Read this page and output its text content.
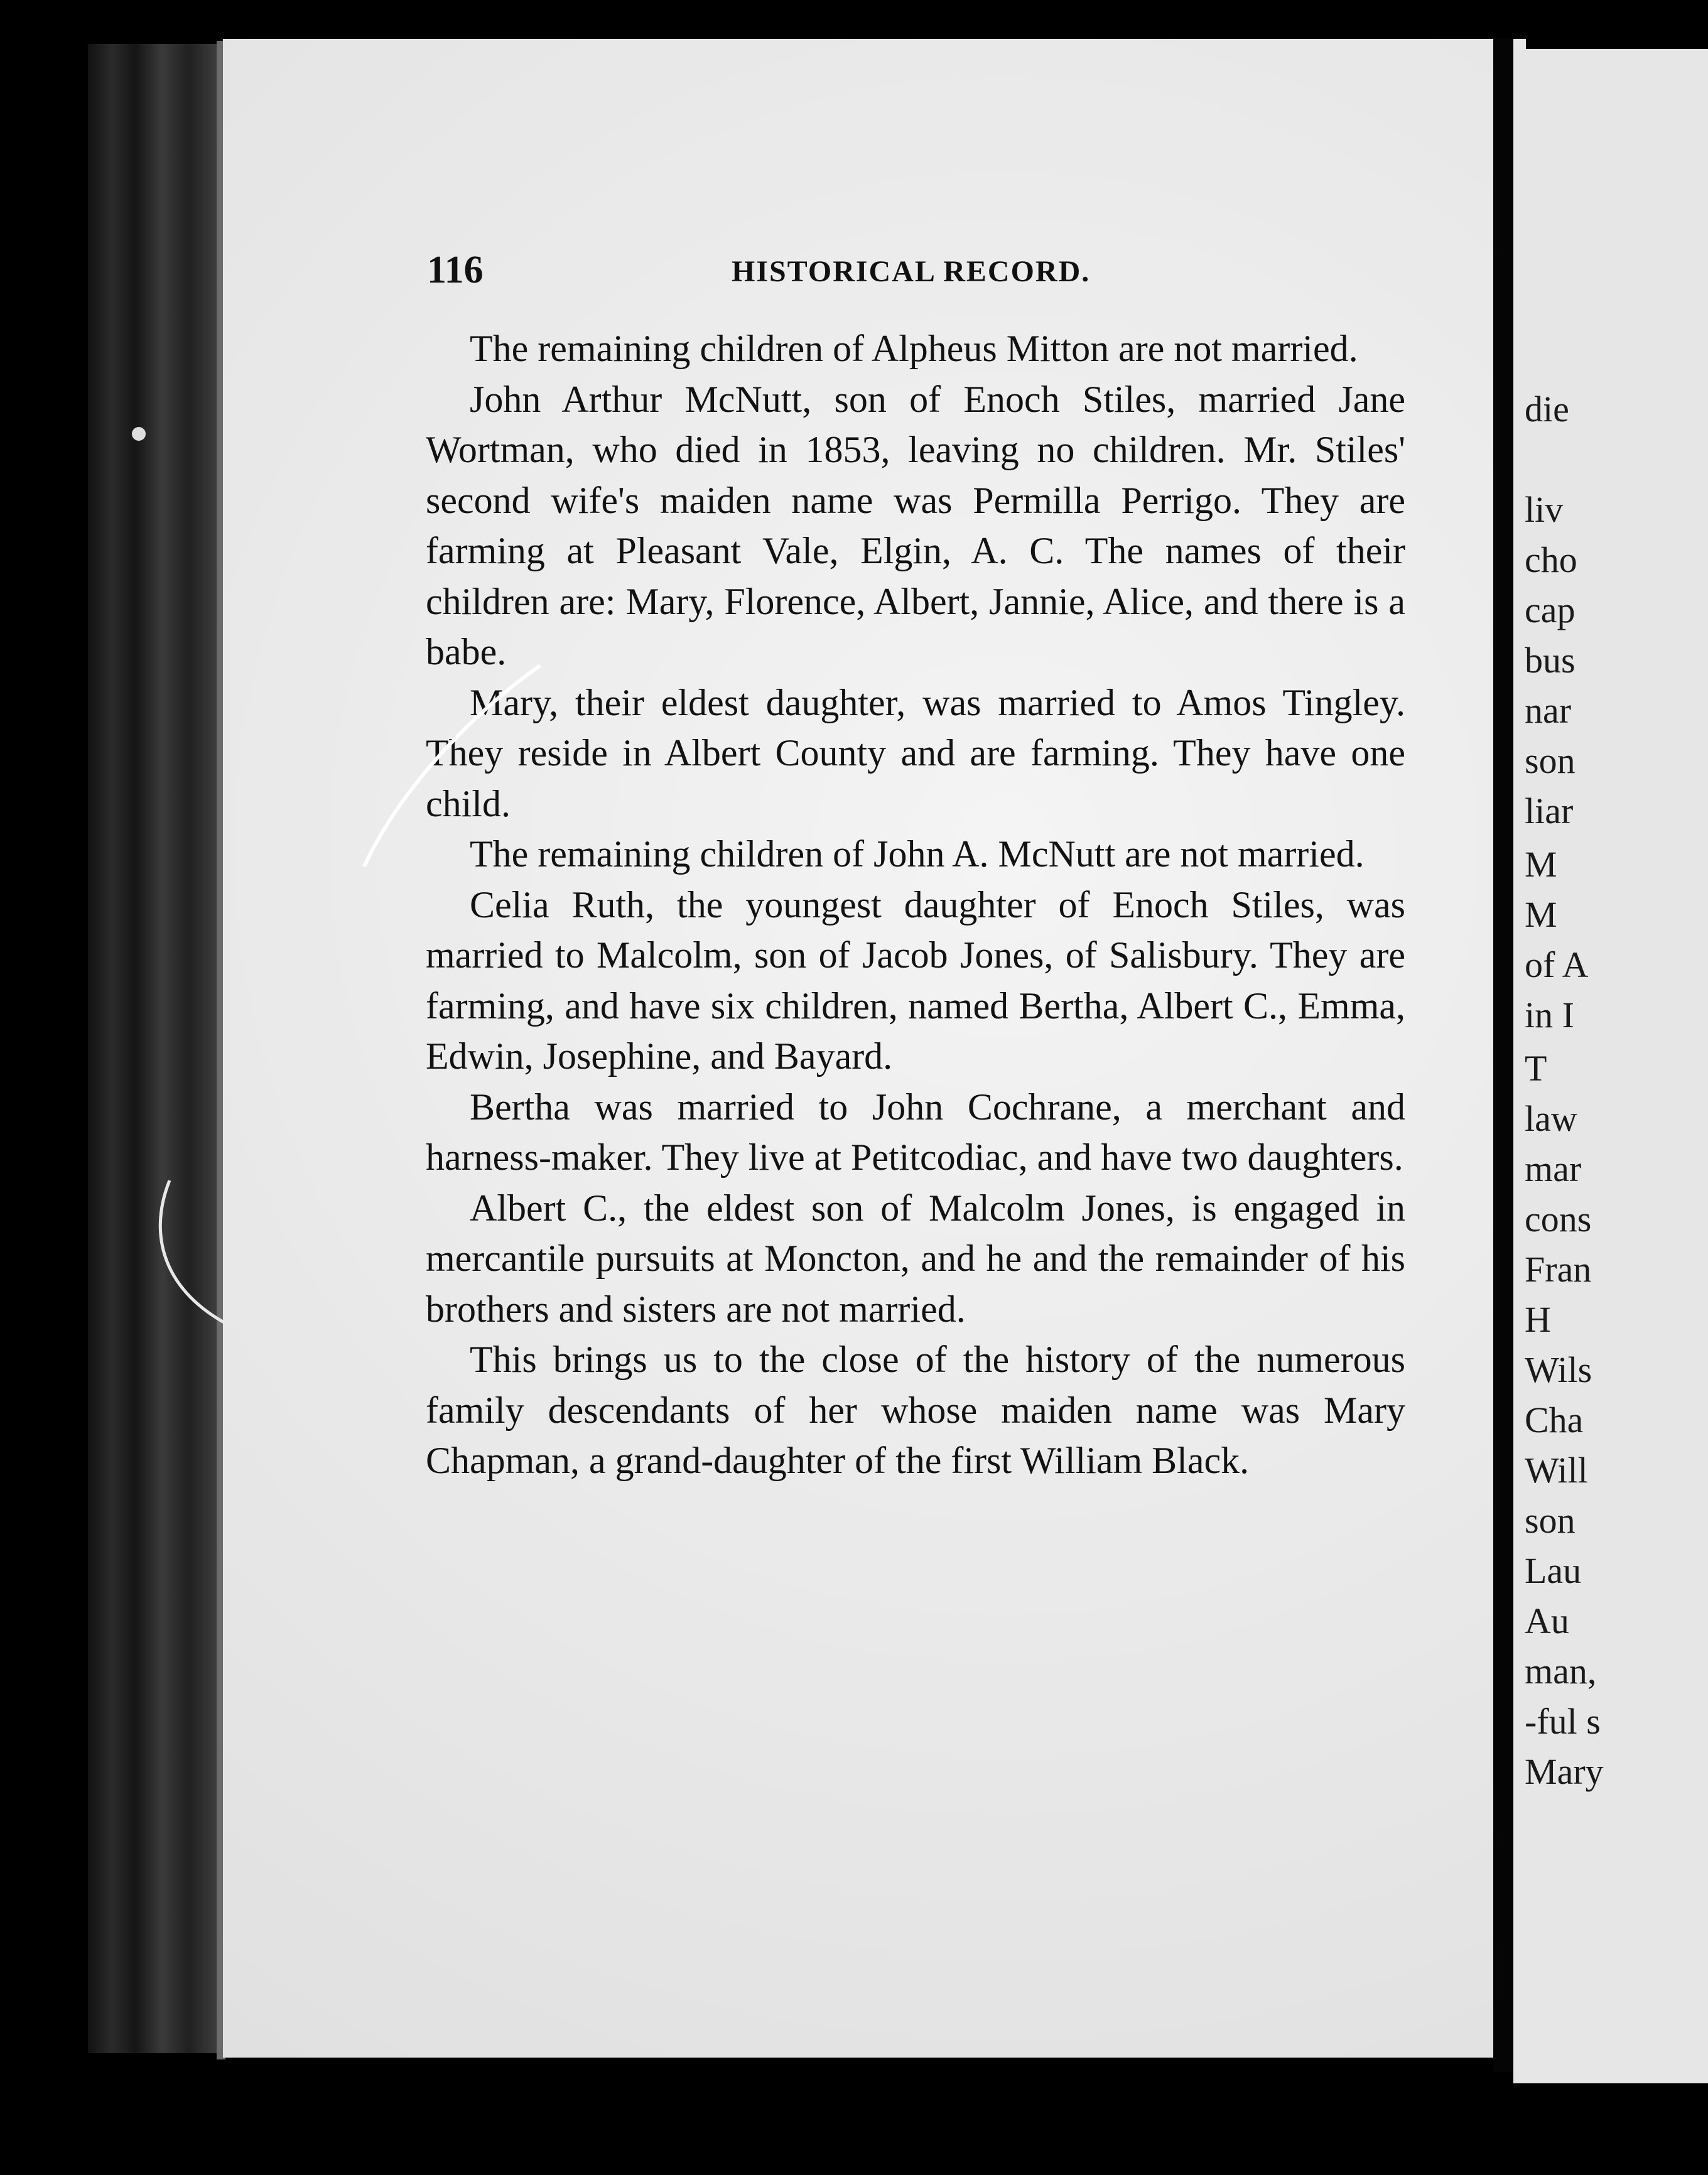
die
liv
cho
cap
bus
nar
son
liar
M
M
of A
in I
T
law
mar
cons
Fran
H
Wils
Cha
Will
son
Lau
Au
man,
-ful s
Mary
116	HISTORICAL RECORD.

The remaining children of Alpheus Mitton are not married.

John Arthur McNutt, son of Enoch Stiles, married Jane Wortman, who died in 1853, leaving no children. Mr. Stiles' second wife's maiden name was Permilla Perrigo. They are farming at Pleasant Vale, Elgin, A. C. The names of their children are: Mary, Florence, Albert, Jannie, Alice, and there is a babe.

Mary, their eldest daughter, was married to Amos Tingley. They reside in Albert County and are farming. They have one child.

The remaining children of John A. McNutt are not married.

Celia Ruth, the youngest daughter of Enoch Stiles, was married to Malcolm, son of Jacob Jones, of Salisbury. They are farming, and have six children, named Bertha, Albert C., Emma, Edwin, Josephine, and Bayard.

Bertha was married to John Cochrane, a merchant and harness-maker. They live at Petitcodiac, and have two daughters.

Albert C., the eldest son of Malcolm Jones, is engaged in mercantile pursuits at Moncton, and he and the remainder of his brothers and sisters are not married.

This brings us to the close of the history of the numerous family descendants of her whose maiden name was Mary Chapman, a grand-daughter of the first William Black.
